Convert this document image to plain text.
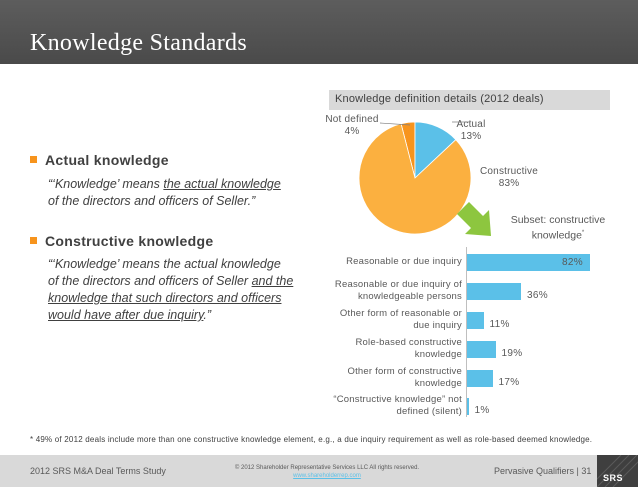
Knowledge Standards
Actual knowledge
“‘Knowledge’ means the actual knowledge
of the directors and officers of Seller.”
Constructive knowledge
“‘Knowledge’ means the actual knowledge
of the directors and officers of Seller and the
knowledge that such directors and officers
would have after due inquiry.”
Knowledge definition details (2012 deals)
Not defined
4%
Actual
13%
Constructive
83%
Subset: constructive
knowledge*
Reasonable or due inquiry	82%
Reasonable or due inquiry of
knowledgeable persons	36%
Other form of reasonable or
due inquiry	11%
Role-based constructive
knowledge	19%
Other form of constructive
knowledge	17%
“Constructive knowledge” not
defined (silent) 1%
* 49% of 2012 deals include more than one constructive knowledge element, e.g., a due inquiry requirement as well as role-based deemed knowledge.
2012 SRS M&A Deal Terms Study	© 2012 Shareholder Representative Services LLC All rights reserved.
www.shareholderrep.com	Pervasive Qualifiers | 31
SRS
